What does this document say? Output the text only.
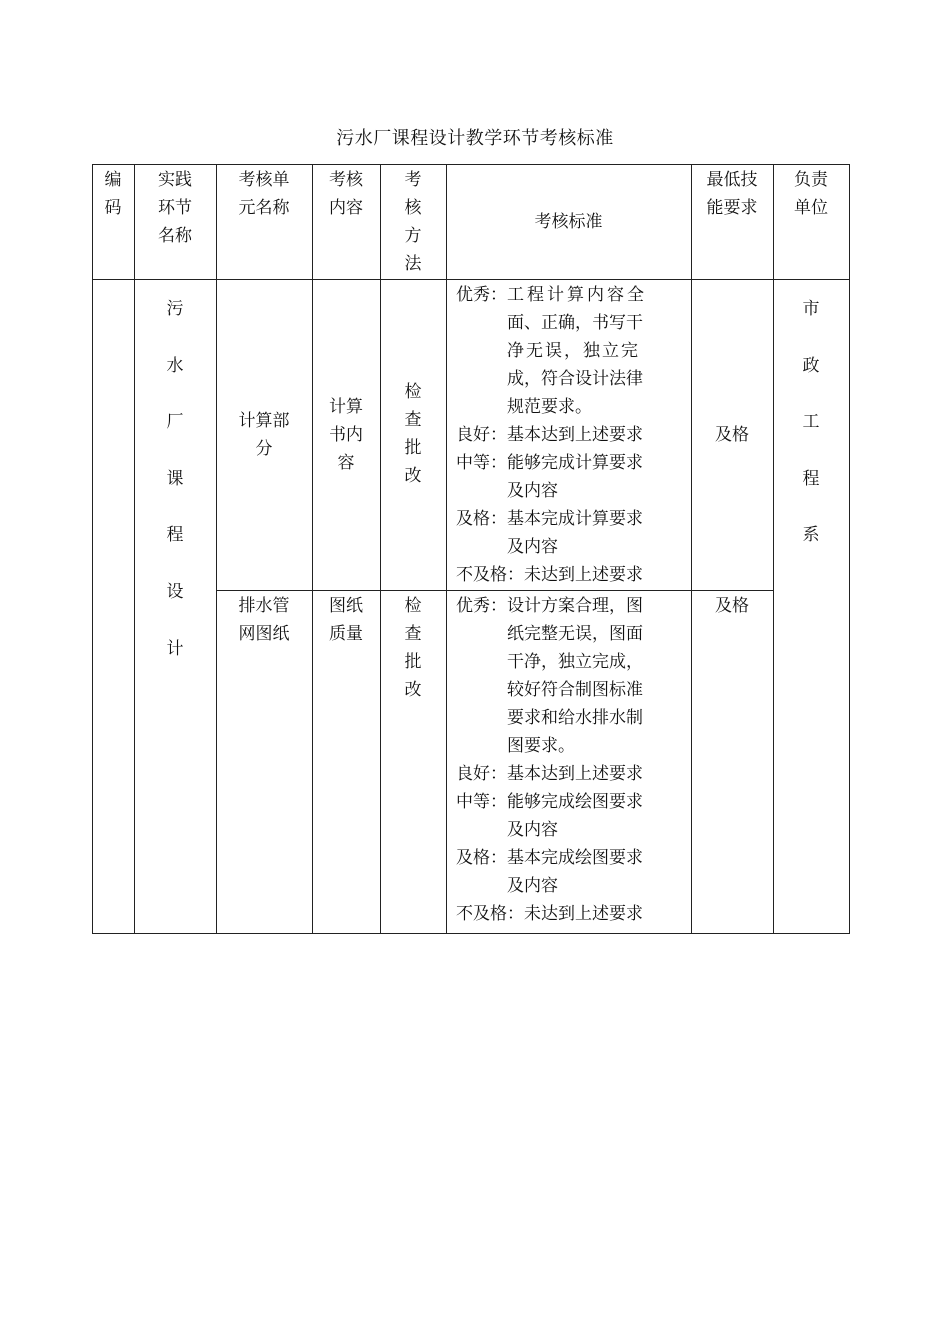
污水厂课程设计教学环节考核标准
编
码
实践
环节
名称
考核单
元名称
考核
内容
考
核
方
法
考核标准
最低技
能要求
负责
单位
污
水
厂
课
程
设
计
市
政
工
程
系
计算部
分
计算
书内
容
检
查
批
改
及格
优秀： 工程计算内容全

面、正确，书写干

净无误，独立完

成，符合设计法律

规范要求。

良好：基本达到上述要求

中等： 能够完成计算要求

及内容

及格： 基本完成计算要求

及内容

不及格：未达到上述要求

排水管
网图纸
图纸
质量
检
查
批
改
及格
优秀： 设计方案合理，图

纸完整无误，图面

干净，独立完成，

较好符合制图标准

要求和给水排水制

图要求。

良好：基本达到上述要求

中等： 能够完成绘图要求

及内容

及格： 基本完成绘图要求

及内容

不及格：未达到上述要求
